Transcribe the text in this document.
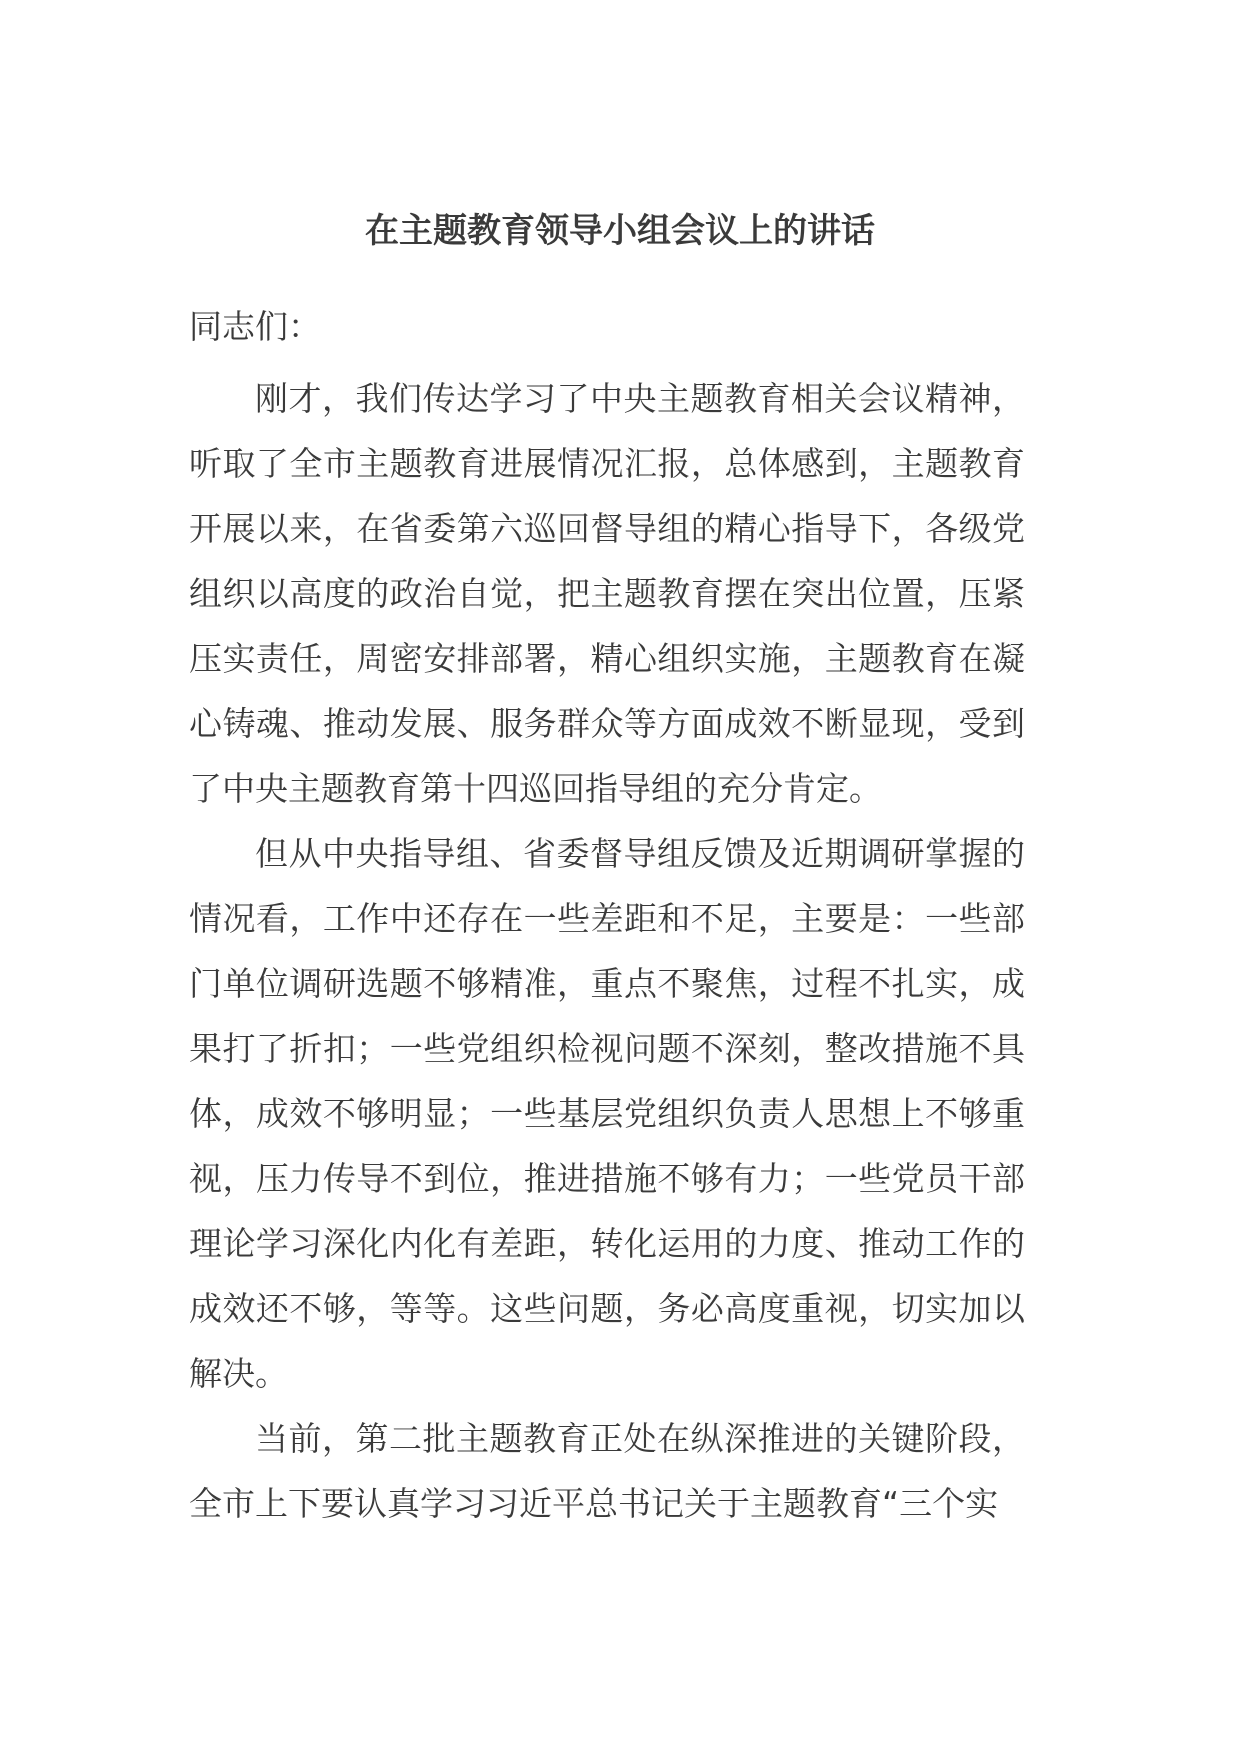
在主题教育领导小组会议上的讲话

同志们：

刚才，我们传达学习了中央主题教育相关会议精神，听取了全市主题教育进展情况汇报，总体感到，主题教育开展以来，在省委第六巡回督导组的精心指导下，各级党组织以高度的政治自觉，把主题教育摆在突出位置，压紧压实责任，周密安排部署，精心组织实施，主题教育在凝心铸魂、推动发展、服务群众等方面成效不断显现，受到了中央主题教育第十四巡回指导组的充分肯定。

但从中央指导组、省委督导组反馈及近期调研掌握的情况看，工作中还存在一些差距和不足，主要是：一些部门单位调研选题不够精准，重点不聚焦，过程不扎实，成果打了折扣；一些党组织检视问题不深刻，整改措施不具体，成效不够明显；一些基层党组织负责人思想上不够重视，压力传导不到位，推进措施不够有力；一些党员干部理论学习深化内化有差距，转化运用的力度、推动工作的成效还不够，等等。这些问题，务必高度重视，切实加以解决。

当前，第二批主题教育正处在纵深推进的关键阶段，全市上下要认真学习习近平总书记关于主题教育“三个实
